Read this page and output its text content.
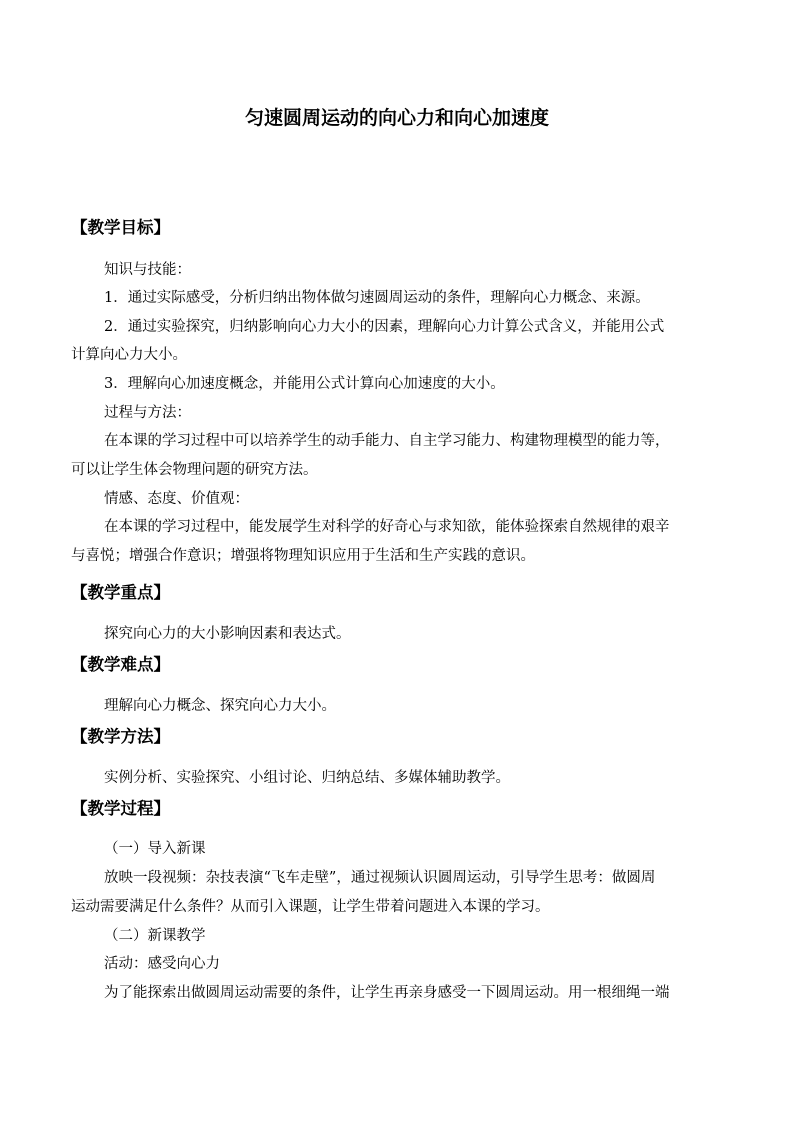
匀速圆周运动的向心力和向心加速度
【教学目标】
知识与技能：
1．通过实际感受，分析归纳出物体做匀速圆周运动的条件，理解向心力概念、来源。
2．通过实验探究，归纳影响向心力大小的因素，理解向心力计算公式含义，并能用公式
计算向心力大小。
3．理解向心加速度概念，并能用公式计算向心加速度的大小。
过程与方法：
在本课的学习过程中可以培养学生的动手能力、自主学习能力、构建物理模型的能力等，
可以让学生体会物理问题的研究方法。
情感、态度、价值观：
在本课的学习过程中，能发展学生对科学的好奇心与求知欲，能体验探索自然规律的艰辛
与喜悦；增强合作意识；增强将物理知识应用于生活和生产实践的意识。
【教学重点】
探究向心力的大小影响因素和表达式。
【教学难点】
理解向心力概念、探究向心力大小。
【教学方法】
实例分析、实验探究、小组讨论、归纳总结、多媒体辅助教学。
【教学过程】
（一）导入新课
放映一段视频：杂技表演“飞车走壁”，通过视频认识圆周运动，引导学生思考：做圆周
运动需要满足什么条件？从而引入课题，让学生带着问题进入本课的学习。
（二）新课教学
活动：感受向心力
为了能探索出做圆周运动需要的条件，让学生再亲身感受一下圆周运动。用一根细绳一端
